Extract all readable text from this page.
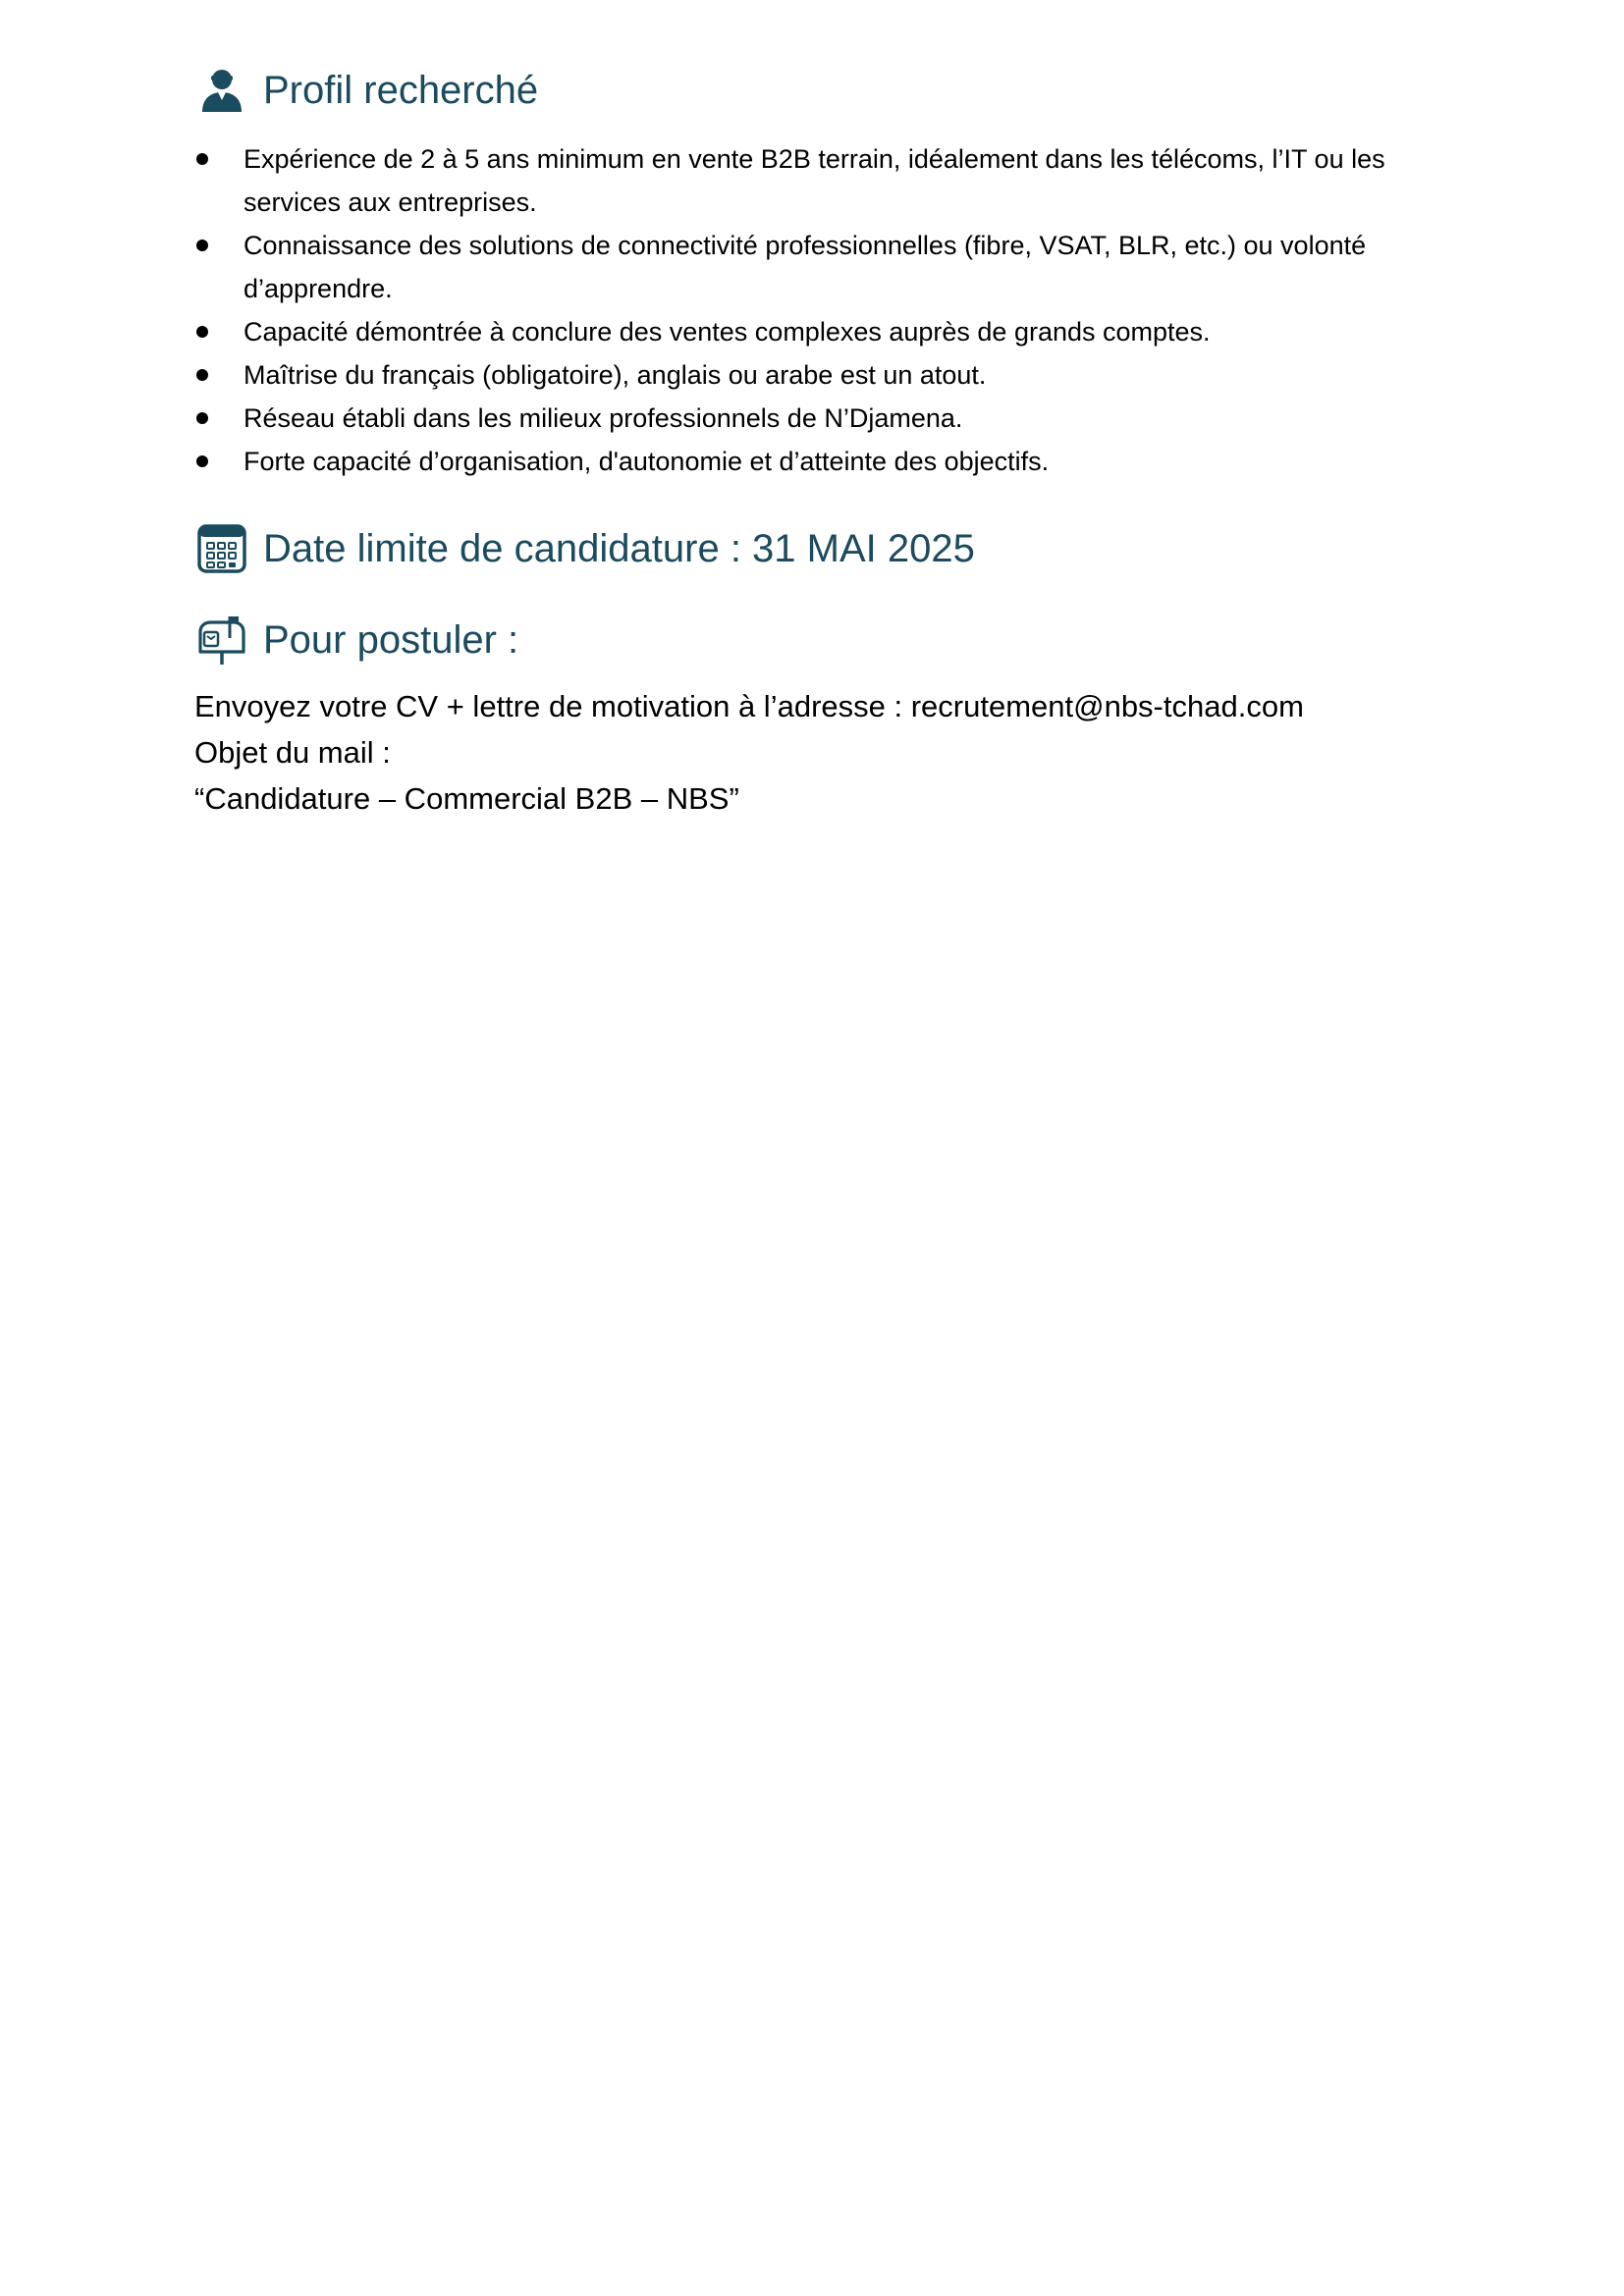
Profil recherché
Expérience de 2 à 5 ans minimum en vente B2B terrain, idéalement dans les télécoms, l’IT ou les services aux entreprises.
Connaissance des solutions de connectivité professionnelles (fibre, VSAT, BLR, etc.) ou volonté d’apprendre.
Capacité démontrée à conclure des ventes complexes auprès de grands comptes.
Maîtrise du français (obligatoire), anglais ou arabe est un atout.
Réseau établi dans les milieux professionnels de N’Djamena.
Forte capacité d’organisation, d'autonomie et d’atteinte des objectifs.
Date limite de candidature : 31 MAI 2025
Pour postuler :
Envoyez votre CV + lettre de motivation à l’adresse : recrutement@nbs-tchad.com
Objet du mail :
“Candidature – Commercial B2B – NBS”
